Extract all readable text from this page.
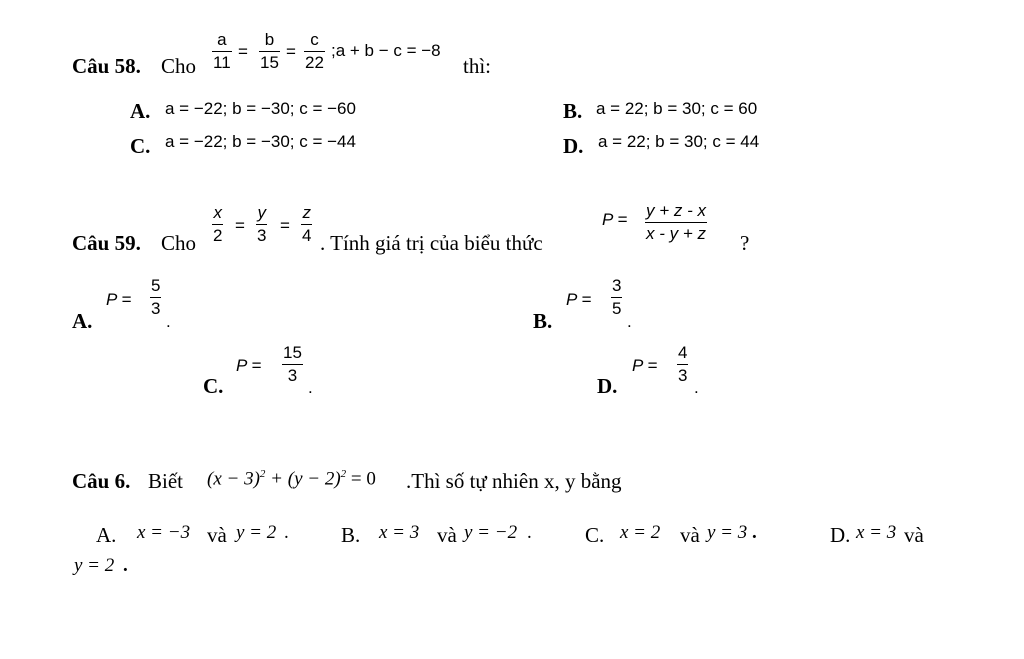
Câu 58. Cho
a
11
=
b
15
=
c
22
;a + b − c = −8
thì:
A. a = −22; b = −30; c = −60	B. a = 22; b = 30; c = 60
C. a = −22; b = −30; c = −44	D. a = 22; b = 30; c = 44
Câu 59. Cho
x
2
=
y
3
=
z
4 . Tính giá trị của biểu thức
P = y + z - x
x - y + z ?
A.
P =
5
3
.	B.
P =
3
5
.
C.
P =
15
3
.	D.
P =
4
3
.
Câu 6. Biết $(x - 3)^2 + (y - 2)^2 = 0$ .Thì số tự nhiên x, y bằng
A. x = −3 và y = 2 . B. x = 3 và y = −2 .	C. x = 2 và y = 3 .	D. x = 3 và
y = 2 .
